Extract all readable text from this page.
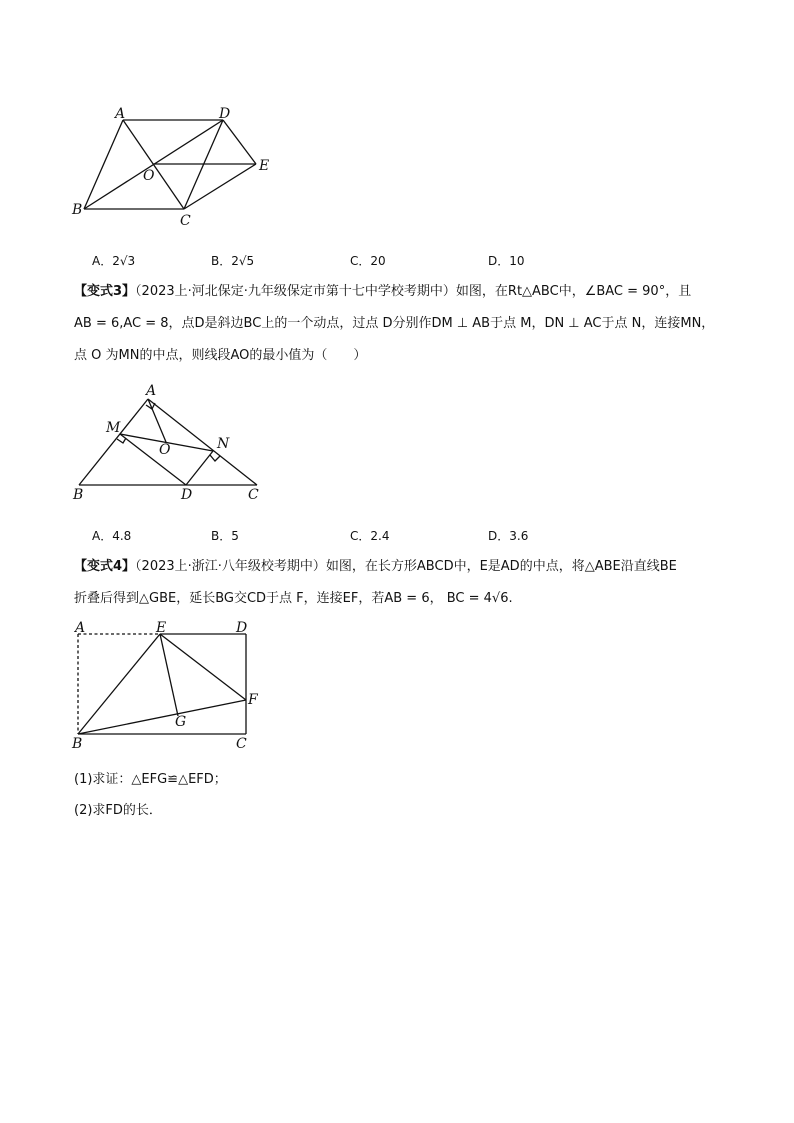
A	D
O
E
B
C
A．2√3	B．2√5	C．20	D．10
【变式3】（2023上·河北保定·九年级保定市第十七中学校考期中）如图，在Rt△ABC中，∠BAC = 90°，且
AB = 6,AC = 8，点D是斜边BC上的一个动点，过点 D分别作DM ⊥ AB于点 M，DN ⊥ AC于点 N，连接MN，
点 O 为MN的中点，则线段AO的最小值为（　　）
A
M
O	N
B	D	C
A．4.8	B．5	C．2.4	D．3.6
【变式4】（2023上·浙江·八年级校考期中）如图，在长方形ABCD中，E是AD的中点，将△ABE沿直线BE
折叠后得到△GBE，延长BG交CD于点 F，连接EF，若AB = 6， BC = 4√6.
A	E	D
F
G
B	C
(1)求证：△EFG≌△EFD；
(2)求FD的长．
